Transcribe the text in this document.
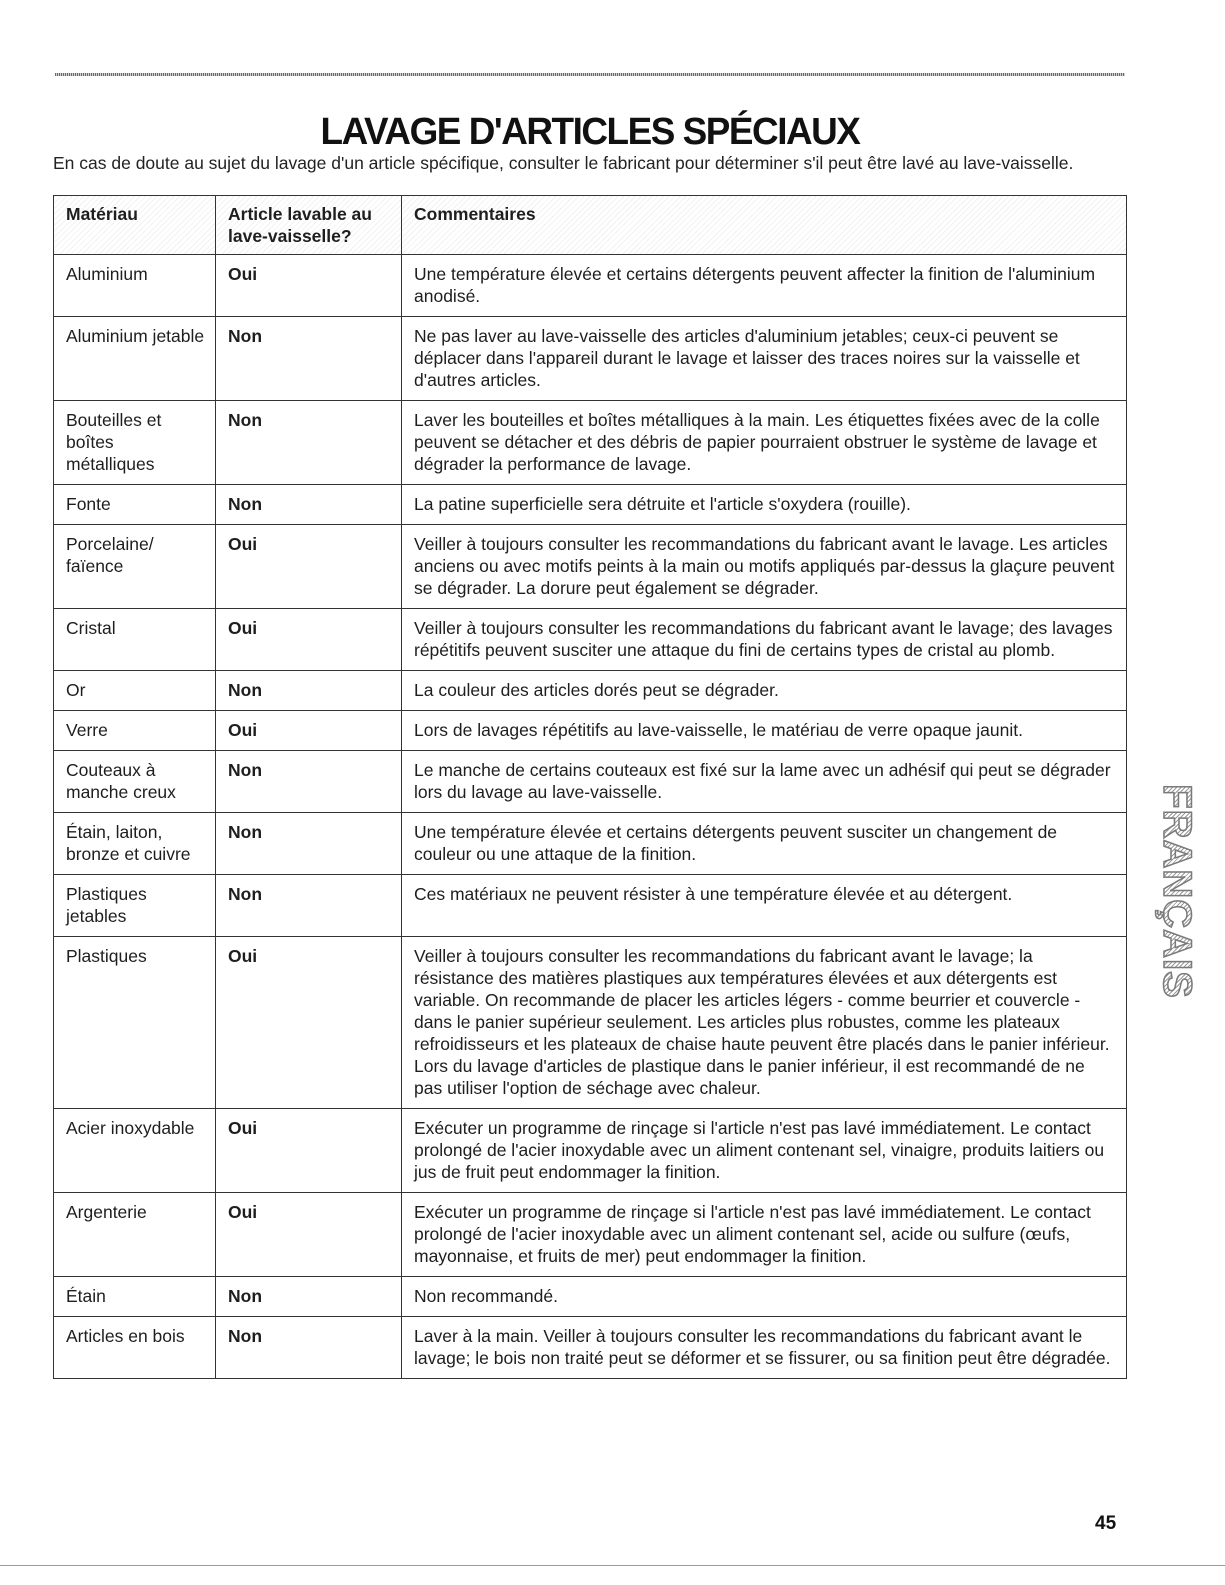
LAVAGE D'ARTICLES SPÉCIAUX

En cas de doute au sujet du lavage d'un article spécifique, consulter le fabricant pour déterminer s'il peut être lavé au lave-vaisselle.

Matériau	Article lavable au lave-vaisselle?	Commentaires
Aluminium	Oui	Une température élevée et certains détergents peuvent affecter la finition de l'aluminium anodisé.
Aluminium jetable	Non	Ne pas laver au lave-vaisselle des articles d'aluminium jetables; ceux-ci peuvent se déplacer dans l'appareil durant le lavage et laisser des traces noires sur la vaisselle et d'autres articles.
Bouteilles et boîtes métalliques	Non	Laver les bouteilles et boîtes métalliques à la main. Les étiquettes fixées avec de la colle peuvent se détacher et des débris de papier pourraient obstruer le système de lavage et dégrader la performance de lavage.
Fonte	Non	La patine superficielle sera détruite et l'article s'oxydera (rouille).
Porcelaine/ faïence	Oui	Veiller à toujours consulter les recommandations du fabricant avant le lavage. Les articles anciens ou avec motifs peints à la main ou motifs appliqués par-dessus la glaçure peuvent se dégrader. La dorure peut également se dégrader.
Cristal	Oui	Veiller à toujours consulter les recommandations du fabricant avant le lavage; des lavages répétitifs peuvent susciter une attaque du fini de certains types de cristal au plomb.
Or	Non	La couleur des articles dorés peut se dégrader.
Verre	Oui	Lors de lavages répétitifs au lave-vaisselle, le matériau de verre opaque jaunit.
Couteaux à manche creux	Non	Le manche de certains couteaux est fixé sur la lame avec un adhésif qui peut se dégrader lors du lavage au lave-vaisselle.
Étain, laiton, bronze et cuivre	Non	Une température élevée et certains détergents peuvent susciter un changement de couleur ou une attaque de la finition.
Plastiques jetables	Non	Ces matériaux ne peuvent résister à une température élevée et au détergent.
Plastiques	Oui	Veiller à toujours consulter les recommandations du fabricant avant le lavage; la résistance des matières plastiques aux températures élevées et aux détergents est variable. On recommande de placer les articles légers - comme beurrier et couvercle - dans le panier supérieur seulement. Les articles plus robustes, comme les plateaux refroidisseurs et les plateaux de chaise haute peuvent être placés dans le panier inférieur. Lors du lavage d'articles de plastique dans le panier inférieur, il est recommandé de ne pas utiliser l'option de séchage avec chaleur.
Acier inoxydable	Oui	Exécuter un programme de rinçage si l'article n'est pas lavé immédiatement. Le contact prolongé de l'acier inoxydable avec un aliment contenant sel, vinaigre, produits laitiers ou jus de fruit peut endommager la finition.
Argenterie	Oui	Exécuter un programme de rinçage si l'article n'est pas lavé immédiatement. Le contact prolongé de l'acier inoxydable avec un aliment contenant sel, acide ou sulfure (œufs, mayonnaise, et fruits de mer) peut endommager la finition.
Étain	Non	Non recommandé.
Articles en bois	Non	Laver à la main. Veiller à toujours consulter les recommandations du fabricant avant le lavage; le bois non traité peut se déformer et se fissurer, ou sa finition peut être dégradée.
FRANÇAIS
45
